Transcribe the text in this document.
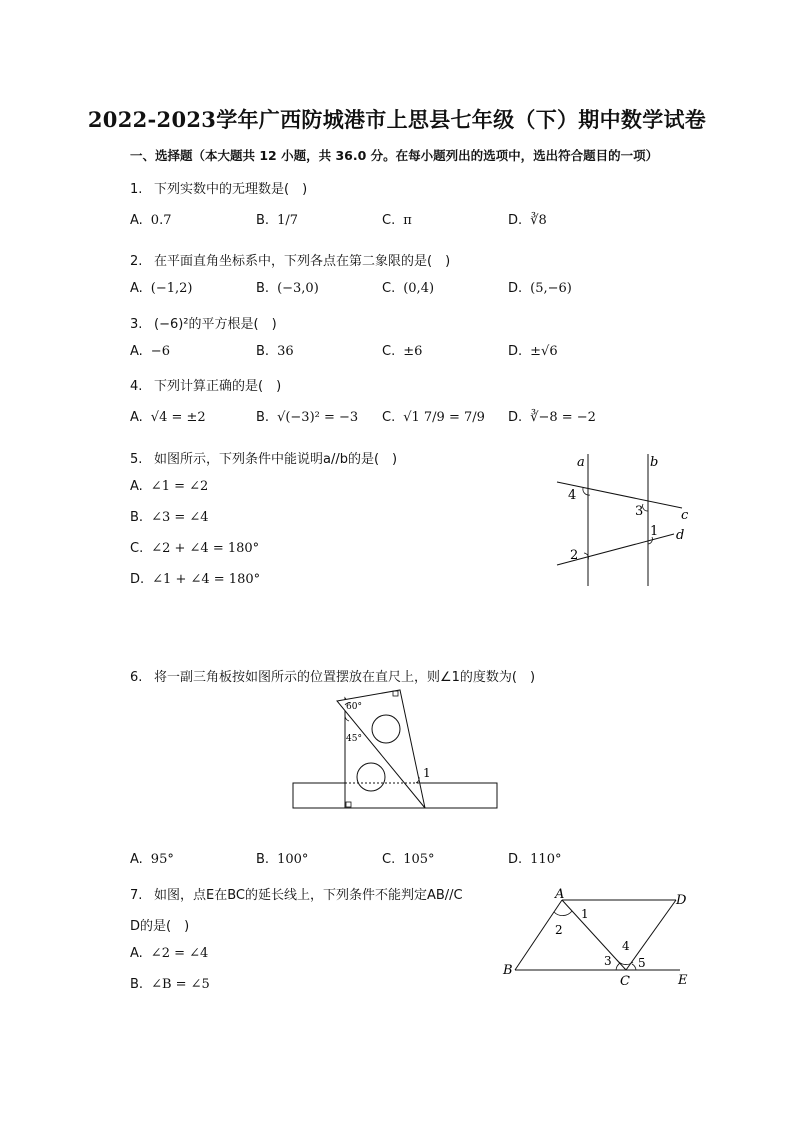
2022-2023学年广西防城港市上思县七年级（下）期中数学试卷
一、选择题（本大题共 12 小题，共 36.0 分。在每小题列出的选项中，选出符合题目的一项）
1. 下列实数中的无理数是(　)
A. 0.7	B. 1/7	C. π	D. ∛8
2. 在平面直角坐标系中，下列各点在第二象限的是(　)
A. (−1,2)	B. (−3,0)	C. (0,4)	D. (5,−6)
3. (−6)²的平方根是(　)
A. −6	B. 36	C. ±6	D. ±√6
4. 下列计算正确的是(　)
A. √4 = ±2	B. √(−3)² = −3 C. √1 7/9 = 7/9 D. ∛−8 = −2
5. 如图所示，下列条件中能说明a//b的是(　)
A. ∠1 = ∠2
B. ∠3 = ∠4
C. ∠2 + ∠4 = 180°
D. ∠1 + ∠4 = 180°
a	b
c
d
4
3
1
2
6. 将一副三角板按如图所示的位置摆放在直尺上，则∠1的度数为(　)
60°
45°
1
A. 95°	B. 100°	C. 105°	D. 110°
7. 如图，点E在BC的延长线上，下列条件不能判定AB//C
D的是(　)
A. ∠2 = ∠4
B. ∠B = ∠5
A	D
B
C	E
1
2
3
4
5
